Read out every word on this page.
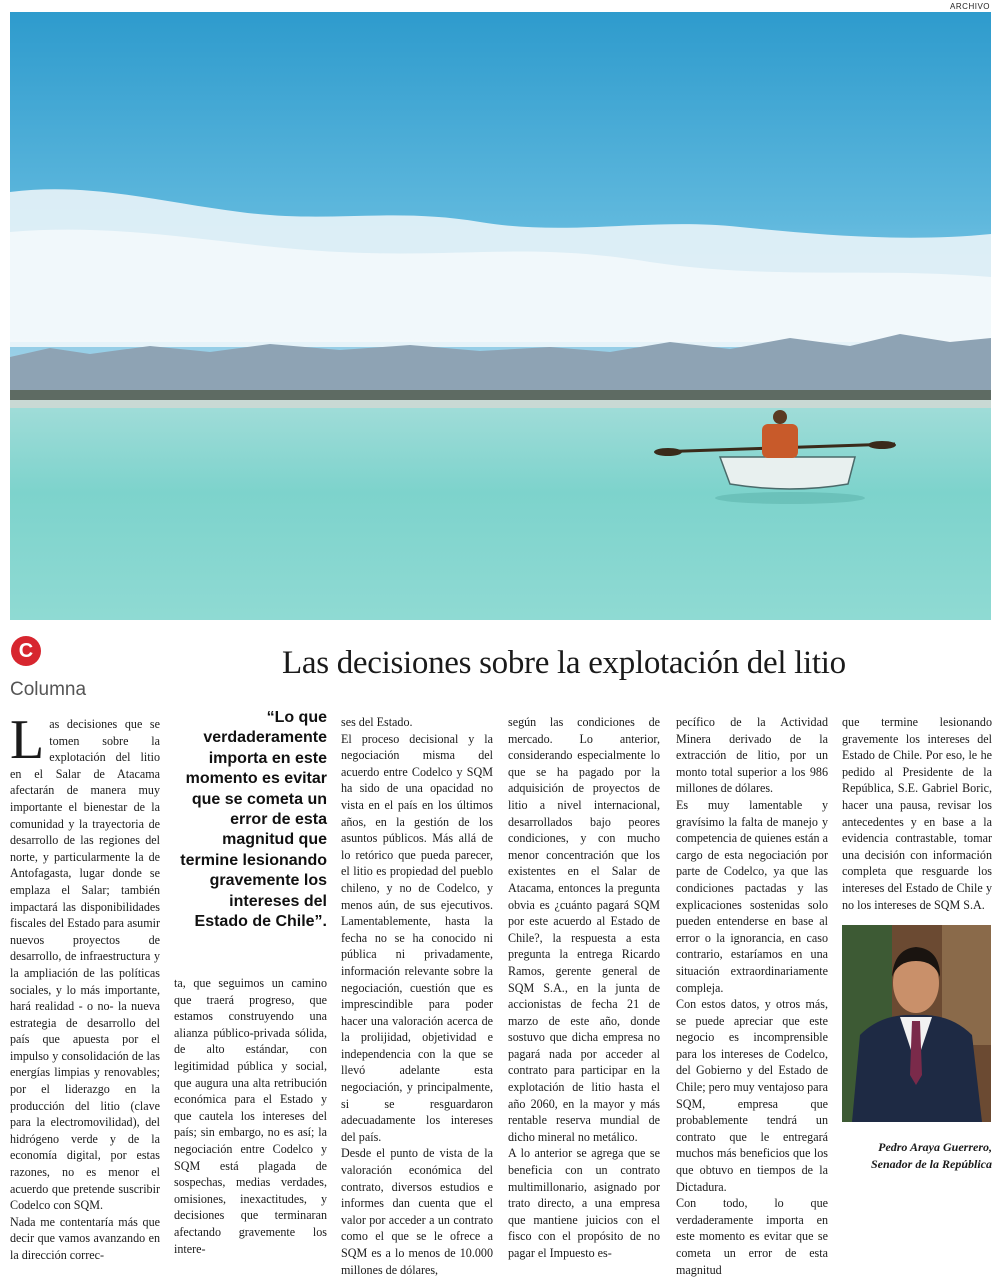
ARCHIVO
C
Columna
Las decisiones sobre la explotación del litio
L as decisiones que se tomen sobre la explotación del litio en el Salar de Atacama afectarán de manera muy importante el bienestar de la comunidad y la trayectoria de desarrollo de las regiones del norte, y particularmente la de Antofagasta, lugar donde se emplaza el Salar; también impactará las disponibilidades fiscales del Estado para asumir nuevos proyectos de desarrollo, de infraestructura y la ampliación de las políticas sociales, y lo más importante, hará realidad - o no- la nueva estrategia de desarrollo del país que apuesta por el impulso y consolidación de las energías limpias y renovables; por el liderazgo en la producción del litio (clave para la electromovilidad), del hidrógeno verde y de la economía digital, por estas razones, no es menor el acuerdo que pretende suscribir Codelco con SQM.

Nada me contentaría más que decir que vamos avanzando en la dirección correc-

“Lo que verdaderamente importa en este momento es evitar que se cometa un error de esta magnitud que termine lesionando gravemente los intereses del Estado de Chile”.

ta, que seguimos un camino que traerá progreso, que estamos construyendo una alianza público-privada sólida, de alto estándar, con legitimidad pública y social, que augura una alta retribución económica para el Estado y que cautela los intereses del país; sin embargo, no es así; la negociación entre Codelco y SQM está plagada de sospechas, medias verdades, omisiones, inexactitudes, y decisiones que terminaran afectando gravemente los intere-

ses del Estado.

El proceso decisional y la negociación misma del acuerdo entre Codelco y SQM ha sido de una opacidad no vista en el país en los últimos años, en la gestión de los asuntos públicos. Más allá de lo retórico que pueda parecer, el litio es propiedad del pueblo chileno, y no de Codelco, y menos aún, de sus ejecutivos. Lamentablemente, hasta la fecha no se ha conocido ni pública ni privadamente, información relevante sobre la negociación, cuestión que es imprescindible para poder hacer una valoración acerca de la prolijidad, objetividad e independencia con la que se llevó adelante esta negociación, y principalmente, si se resguardaron adecuadamente los intereses del país.

Desde el punto de vista de la valoración económica del contrato, diversos estudios e informes dan cuenta que el valor por acceder a un contrato como el que se le ofrece a SQM es a lo menos de 10.000 millones de dólares,

según las condiciones de mercado. Lo anterior, considerando especialmente lo que se ha pagado por la adquisición de proyectos de litio a nivel internacional, desarrollados bajo peores condiciones, y con mucho menor concentración que los existentes en el Salar de Atacama, entonces la pregunta obvia es ¿cuánto pagará SQM por este acuerdo al Estado de Chile?, la respuesta a esta pregunta la entrega Ricardo Ramos, gerente general de SQM S.A., en la junta de accionistas de fecha 21 de marzo de este año, donde sostuvo que dicha empresa no pagará nada por acceder al contrato para participar en la explotación de litio hasta el año 2060, en la mayor y más rentable reserva mundial de dicho mineral no metálico.

A lo anterior se agrega que se beneficia con un contrato multimillonario, asignado por trato directo, a una empresa que mantiene juicios con el fisco con el propósito de no pagar el Impuesto es-

pecífico de la Actividad Minera derivado de la extracción de litio, por un monto total superior a los 986 millones de dólares.

Es muy lamentable y gravísimo la falta de manejo y competencia de quienes están a cargo de esta negociación por parte de Codelco, ya que las condiciones pactadas y las explicaciones sostenidas solo pueden entenderse en base al error o la ignorancia, en caso contrario, estaríamos en una situación extraordinariamente compleja.

Con estos datos, y otros más, se puede apreciar que este negocio es incomprensible para los intereses de Codelco, del Gobierno y del Estado de Chile; pero muy ventajoso para SQM, empresa que probablemente tendrá un contrato que le entregará muchos más beneficios que los que obtuvo en tiempos de la Dictadura.

Con todo, lo que verdaderamente importa en este momento es evitar que se cometa un error de esta magnitud

que termine lesionando gravemente los intereses del Estado de Chile. Por eso, le he pedido al Presidente de la República, S.E. Gabriel Boric, hacer una pausa, revisar los antecedentes y en base a la evidencia contrastable, tomar una decisión con información completa que resguarde los intereses del Estado de Chile y no los intereses de SQM S.A.

Pedro Araya Guerrero,
Senador de la República
